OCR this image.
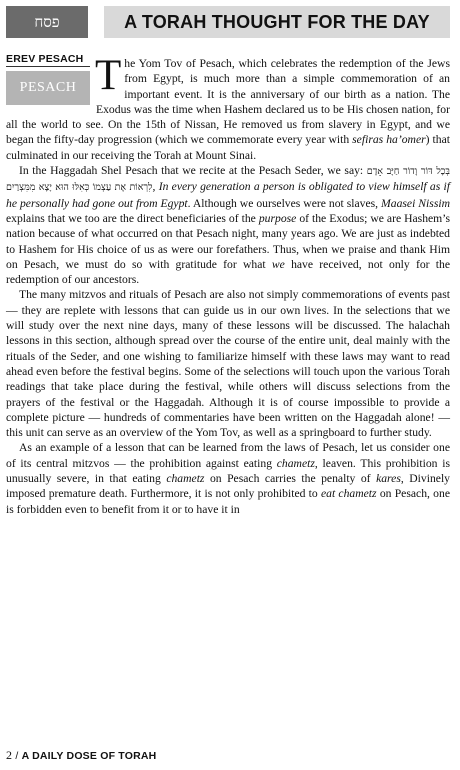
פסח	A TORAH THOUGHT FOR THE DAY
EREV PESACH
PESACH The Yom Tov of Pesach, which celebrates the redemption of the Jews from Egypt, is much more than a simple commemoration of an important event. It is the anniversary of our birth as a nation. The Exodus was the time when Hashem declared us to be His chosen nation, for all the world to see. On the 15th of Nissan, He removed us from slavery in Egypt, and we began the fifty-day progression (which we commemorate every year with sefiras ha’omer) that culminated in our receiving the Torah at Mount Sinai.

In the Haggadah Shel Pesach that we recite at the Pesach Seder, we say: בְּכָל דּוֹר וָדוֹר חַיָּב אָדָם לִרְאוֹת אֶת עַצְמוֹ כְּאִלּוּ הוּא יָצָא מִמִּצְרַיִם, In every generation a person is obligated to view himself as if he personally had gone out from Egypt. Although we ourselves were not slaves, Maasei Nissim explains that we too are the direct beneficiaries of the purpose of the Exodus; we are Hashem’s nation because of what occurred on that Pesach night, many years ago. We are just as indebted to Hashem for His choice of us as were our forefathers. Thus, when we praise and thank Him on Pesach, we must do so with gratitude for what we have received, not only for the redemption of our ancestors.

The many mitzvos and rituals of Pesach are also not simply commemorations of events past — they are replete with lessons that can guide us in our own lives. In the selections that we will study over the next nine days, many of these lessons will be discussed. The halachah lessons in this section, although spread over the course of the entire unit, deal mainly with the rituals of the Seder, and one wishing to familiarize himself with these laws may want to read ahead even before the festival begins. Some of the selections will touch upon the various Torah readings that take place during the festival, while others will discuss selections from the prayers of the festival or the Haggadah. Although it is of course impossible to provide a complete picture — hundreds of commentaries have been written on the Haggadah alone! — this unit can serve as an overview of the Yom Tov, as well as a springboard to further study.

As an example of a lesson that can be learned from the laws of Pesach, let us consider one of its central mitzvos — the prohibition against eating chametz, leaven. This prohibition is unusually severe, in that eating chametz on Pesach carries the penalty of kares, Divinely imposed premature death. Furthermore, it is not only prohibited to eat chametz on Pesach, one is forbidden even to benefit from it or to have it in

2 / A DAILY DOSE OF TORAH
